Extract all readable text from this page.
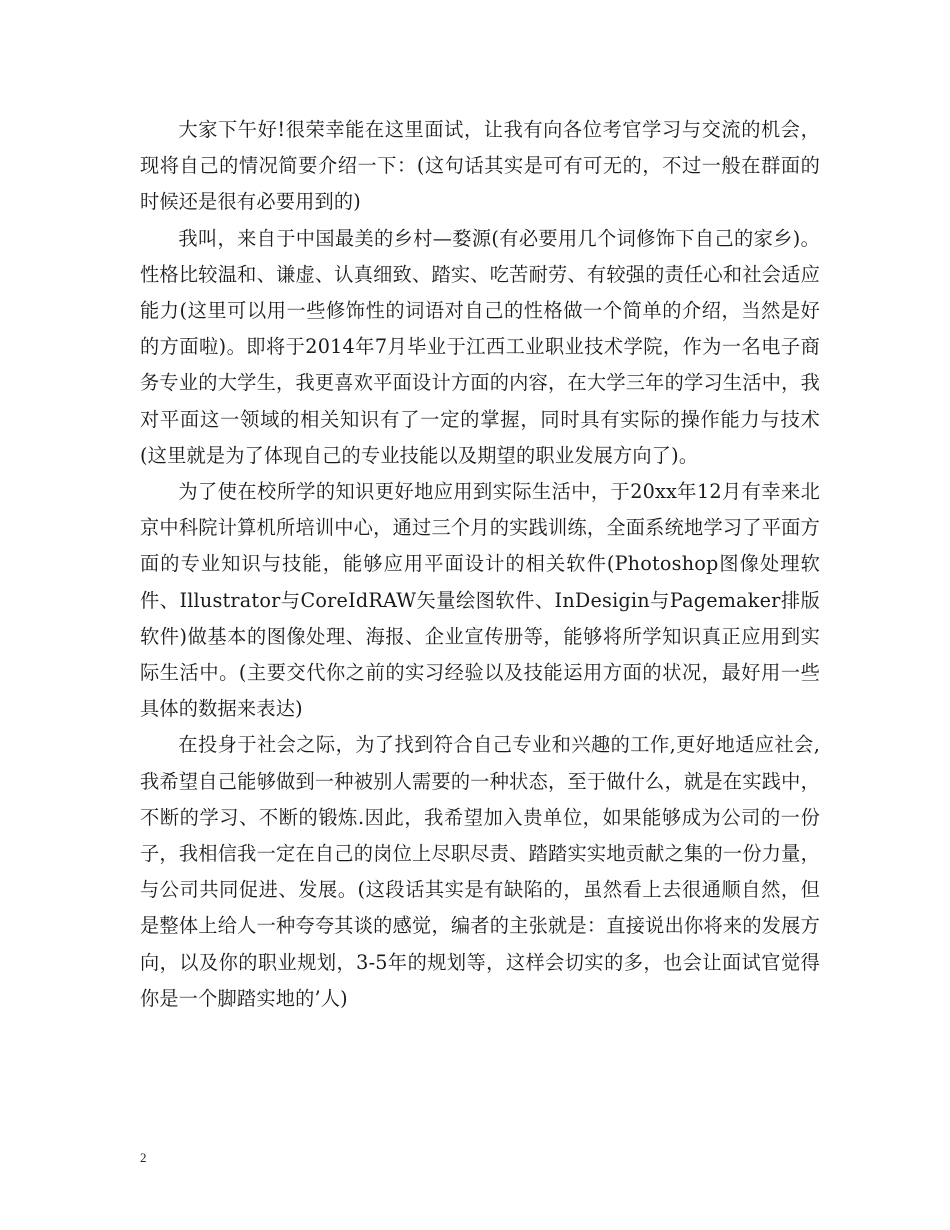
大家下午好!很荣幸能在这里面试，让我有向各位考官学习与交流的机会，现将自己的情况简要介绍一下：(这句话其实是可有可无的，不过一般在群面的时候还是很有必要用到的)

我叫，来自于中国最美的乡村—婺源(有必要用几个词修饰下自己的家乡)。性格比较温和、谦虚、认真细致、踏实、吃苦耐劳、有较强的责任心和社会适应能力(这里可以用一些修饰性的词语对自己的性格做一个简单的介绍，当然是好的方面啦)。即将于2014年7月毕业于江西工业职业技术学院，作为一名电子商务专业的大学生，我更喜欢平面设计方面的内容，在大学三年的学习生活中，我对平面这一领域的相关知识有了一定的掌握，同时具有实际的操作能力与技术(这里就是为了体现自己的专业技能以及期望的职业发展方向了)。

为了使在校所学的知识更好地应用到实际生活中，于20xx年12月有幸来北京中科院计算机所培训中心，通过三个月的实践训练，全面系统地学习了平面方面的专业知识与技能，能够应用平面设计的相关软件(Photoshop图像处理软件、Illustrator与CoreIdRAW矢量绘图软件、InDesigin与Pagemaker排版软件)做基本的图像处理、海报、企业宣传册等，能够将所学知识真正应用到实际生活中。(主要交代你之前的实习经验以及技能运用方面的状况，最好用一些具体的数据来表达)

在投身于社会之际，为了找到符合自己专业和兴趣的工作,更好地适应社会,我希望自己能够做到一种被别人需要的一种状态，至于做什么，就是在实践中，不断的学习、不断的锻炼.因此，我希望加入贵单位，如果能够成为公司的一份子，我相信我一定在自己的岗位上尽职尽责、踏踏实实地贡献之集的一份力量，与公司共同促进、发展。(这段话其实是有缺陷的，虽然看上去很通顺自然，但是整体上给人一种夸夸其谈的感觉，编者的主张就是：直接说出你将来的发展方向，以及你的职业规划，3-5年的规划等，这样会切实的多，也会让面试官觉得你是一个脚踏实地的’人)

2
